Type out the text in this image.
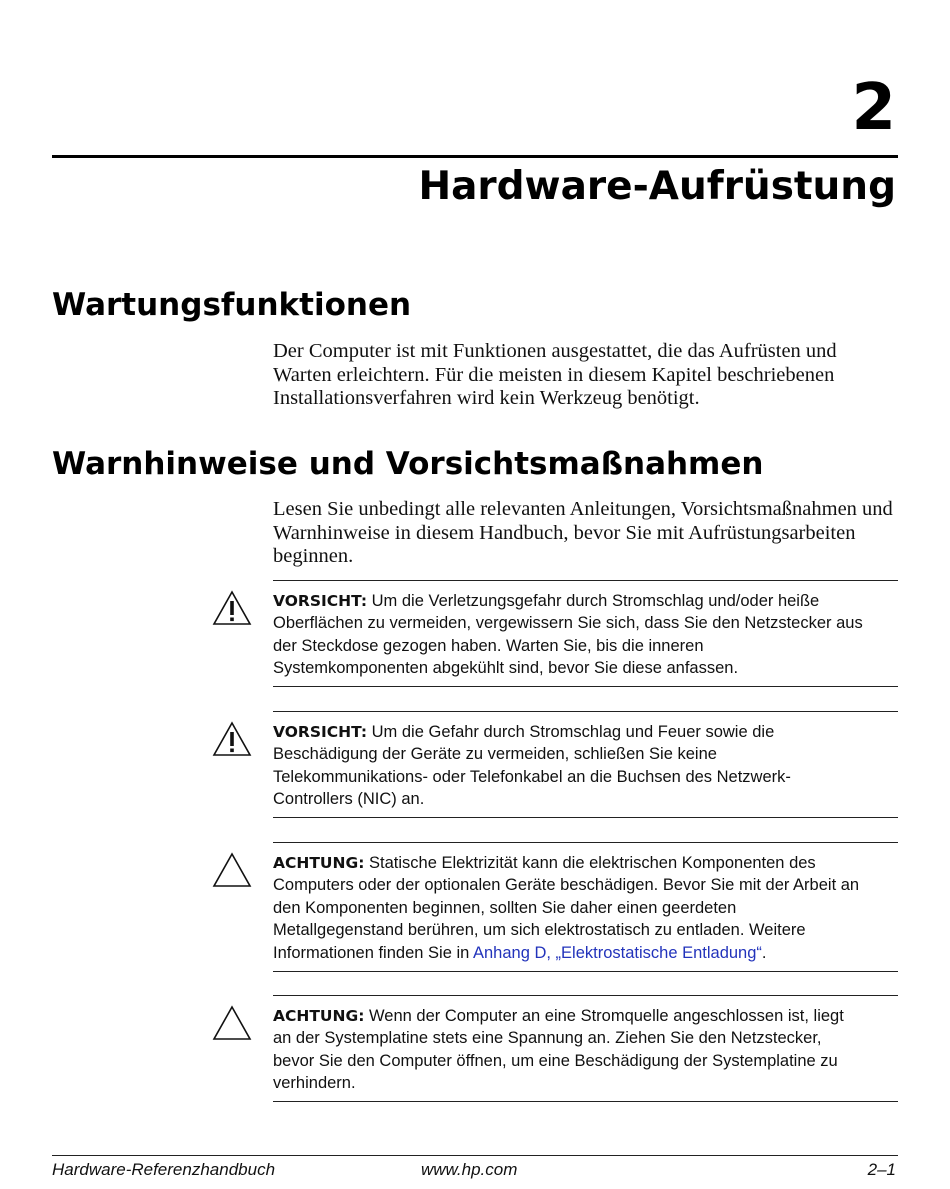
2
Hardware-Aufrüstung
Wartungsfunktionen
Der Computer ist mit Funktionen ausgestattet, die das Aufrüsten und Warten erleichtern. Für die meisten in diesem Kapitel beschriebenen Installationsverfahren wird kein Werkzeug benötigt.
Warnhinweise und Vorsichtsmaßnahmen
Lesen Sie unbedingt alle relevanten Anleitungen, Vorsichtsmaßnahmen und Warnhinweise in diesem Handbuch, bevor Sie mit Aufrüstungsarbeiten beginnen.
VORSICHT: Um die Verletzungsgefahr durch Stromschlag und/oder heiße Oberflächen zu vermeiden, vergewissern Sie sich, dass Sie den Netzstecker aus der Steckdose gezogen haben. Warten Sie, bis die inneren Systemkomponenten abgekühlt sind, bevor Sie diese anfassen.
VORSICHT: Um die Gefahr durch Stromschlag und Feuer sowie die Beschädigung der Geräte zu vermeiden, schließen Sie keine Telekommunikations- oder Telefonkabel an die Buchsen des Netzwerk-Controllers (NIC) an.
ACHTUNG: Statische Elektrizität kann die elektrischen Komponenten des Computers oder der optionalen Geräte beschädigen. Bevor Sie mit der Arbeit an den Komponenten beginnen, sollten Sie daher einen geerdeten Metallgegenstand berühren, um sich elektrostatisch zu entladen. Weitere Informationen finden Sie in Anhang D, „Elektrostatische Entladung“.
ACHTUNG: Wenn der Computer an eine Stromquelle angeschlossen ist, liegt an der Systemplatine stets eine Spannung an. Ziehen Sie den Netzstecker, bevor Sie den Computer öffnen, um eine Beschädigung der Systemplatine zu verhindern.
Hardware-Referenzhandbuch	www.hp.com	2–1
